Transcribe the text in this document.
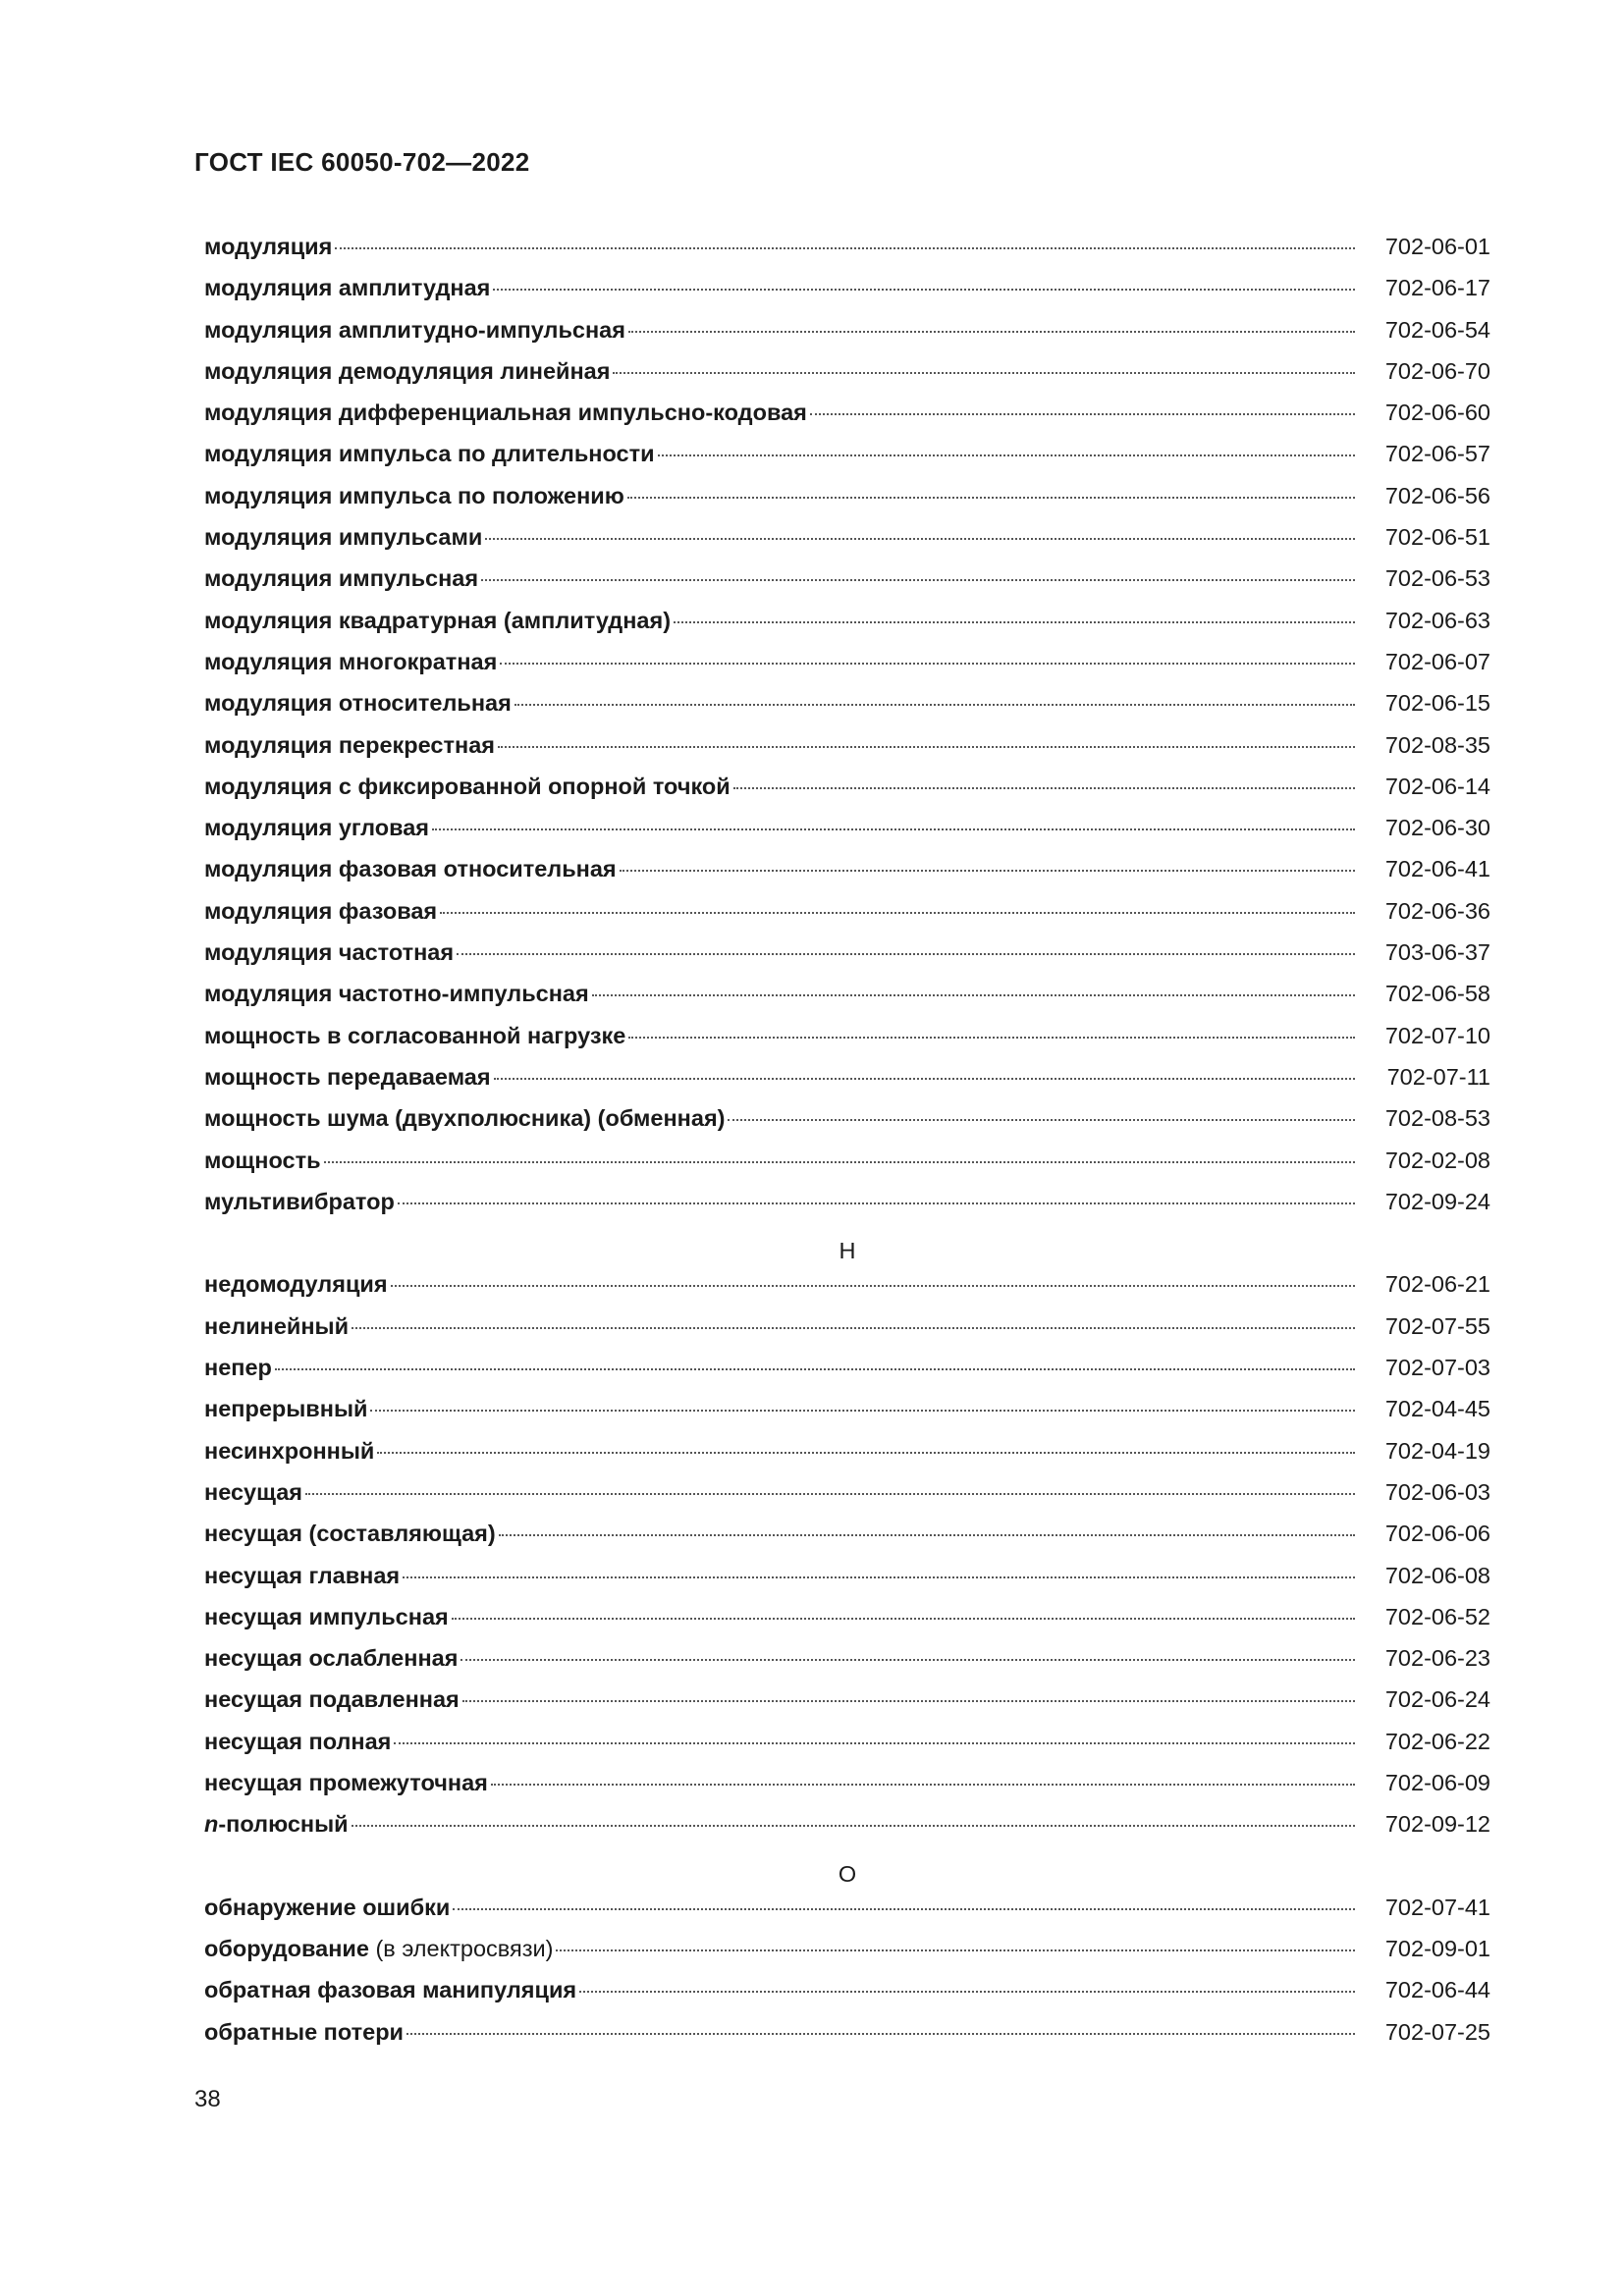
ГОСТ IEC 60050-702—2022
модуляция	702-06-01
модуляция амплитудная	702-06-17
модуляция амплитудно-импульсная	702-06-54
модуляция демодуляция линейная	702-06-70
модуляция дифференциальная импульсно-кодовая	702-06-60
модуляция импульса по длительности	702-06-57
модуляция импульса по положению	702-06-56
модуляция импульсами	702-06-51
модуляция импульсная	702-06-53
модуляция квадратурная (амплитудная)	702-06-63
модуляция многократная	702-06-07
модуляция относительная	702-06-15
модуляция перекрестная	702-08-35
модуляция с фиксированной опорной точкой	702-06-14
модуляция угловая	702-06-30
модуляция фазовая относительная	702-06-41
модуляция фазовая	702-06-36
модуляция частотная	703-06-37
модуляция частотно-импульсная	702-06-58
мощность в согласованной нагрузке	702-07-10
мощность передаваемая	702-07-11
мощность шума (двухполюсника) (обменная)	702-08-53
мощность	702-02-08
мультивибратор	702-09-24
Н
недомодуляция	702-06-21
нелинейный	702-07-55
непер	702-07-03
непрерывный	702-04-45
несинхронный	702-04-19
несущая	702-06-03
несущая (составляющая)	702-06-06
несущая главная	702-06-08
несущая импульсная	702-06-52
несущая ослабленная	702-06-23
несущая подавленная	702-06-24
несущая полная	702-06-22
несущая промежуточная	702-06-09
n-полюсный	702-09-12
О
обнаружение ошибки	702-07-41
оборудование (в электросвязи)	702-09-01
обратная фазовая манипуляция	702-06-44
обратные потери	702-07-25
38
